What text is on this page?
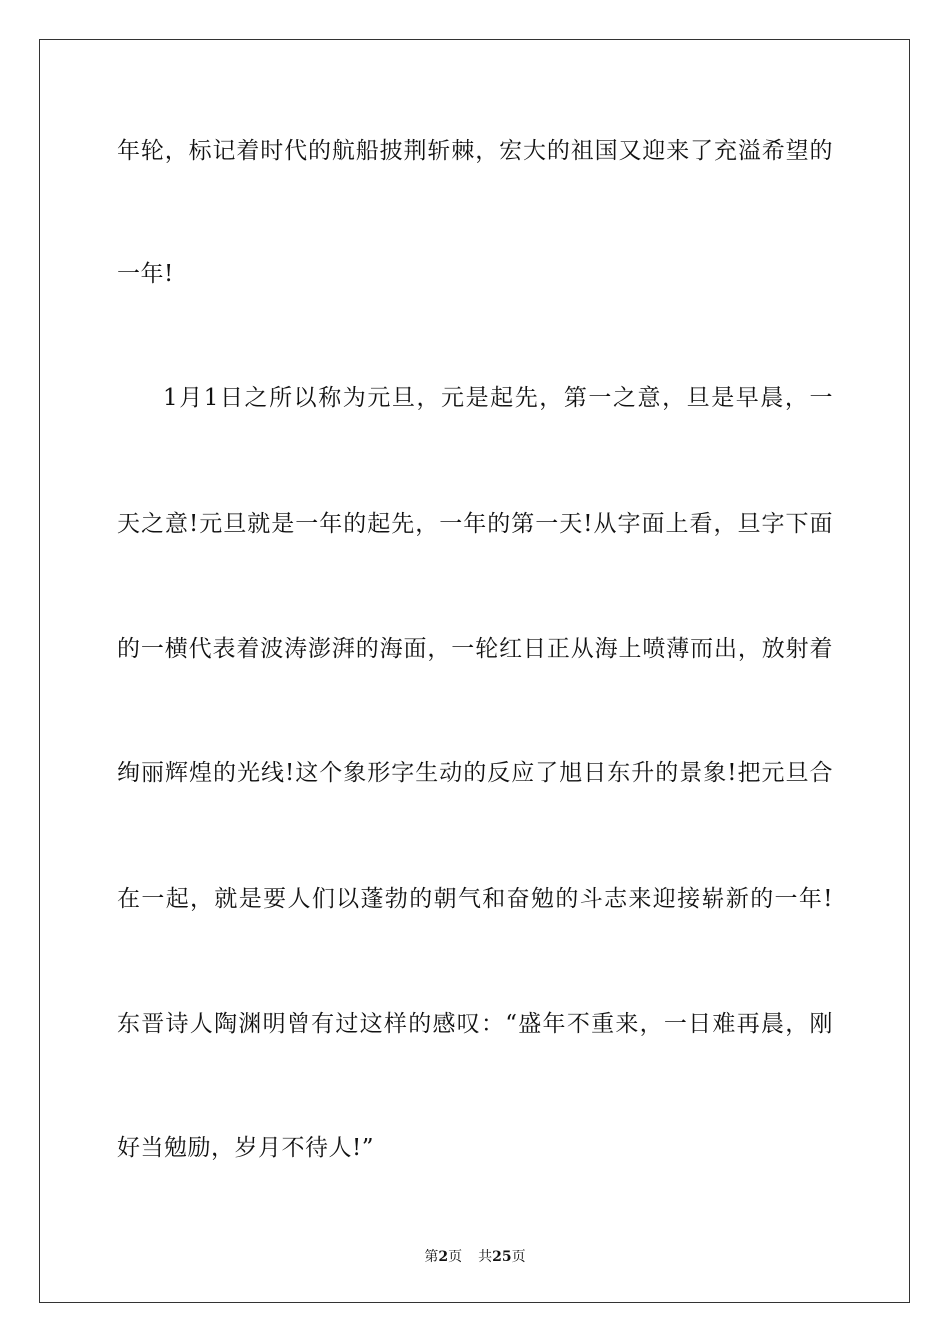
年轮，标记着时代的航船披荆斩棘，宏大的祖国又迎来了充溢希望的
一年!
1月1日之所以称为元旦，元是起先，第一之意，旦是早晨，一
天之意!元旦就是一年的起先，一年的第一天!从字面上看，旦字下面
的一横代表着波涛澎湃的海面，一轮红日正从海上喷薄而出，放射着
绚丽辉煌的光线!这个象形字生动的反应了旭日东升的景象!把元旦合
在一起，就是要人们以蓬勃的朝气和奋勉的斗志来迎接崭新的一年!
东晋诗人陶渊明曾有过这样的感叹：“盛年不重来，一日难再晨，刚
好当勉励，岁月不待人!”
第2页 共25页
